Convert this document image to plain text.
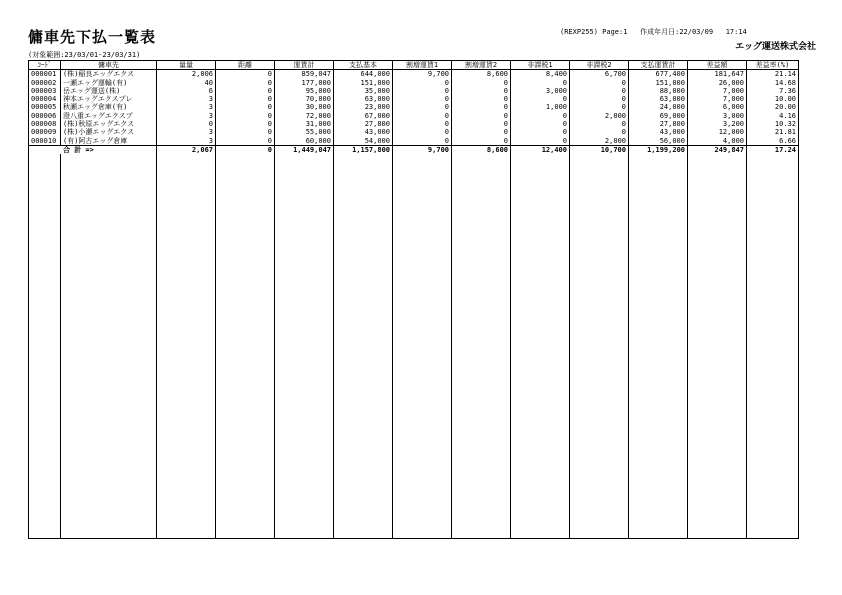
傭車先下払一覧表
(対象範囲:23/03/01-23/03/31)
(REXP255) Page:1 作成年月日:22/03/09 17:14
エッグ運送株式会社
ｺｰﾄﾞ	傭車先	量量	距離	運賃計	支払基本	割増運賃1	割増運賃2	非課税1	非課税2	支払運賃計	差益額	差益率(%)
000001	(株)稲良エッグエクス	2,006	0	859,047	644,000	9,700	8,600	8,400	6,700	677,400	181,647	21.14
000002	一瀬エッグ運輸(有)	40	0	177,000	151,000	0	0	0	0	151,000	26,000	14.68
000003	岳エッグ運送(株)	6	0	95,000	35,000	0	0	3,000	0	88,000	7,000	7.36
000004	神本エッグエクスプレ	3	0	70,000	63,000	0	0	0	0	63,000	7,000	10.00
000005	秋瀬エッグ倉庫(有)	3	0	30,000	23,000	0	0	1,000	0	24,000	6,000	20.00
000006	澄八重エッグエクスプ	3	0	72,000	67,000	0	0	0	2,000	69,000	3,000	4.16
000008	(株)秋原エッグエクス	0	0	31,000	27,800	0	0	0	0	27,800	3,200	10.32
000009	(株)小瀬エッグエクス	3	0	55,000	43,000	0	0	0	0	43,000	12,000	21.81
000010	(有)阿古エッグ倉庫	3	0	60,000	54,000	0	0	0	2,000	56,000	4,000	6.66
合 計 =>		2,067	0	1,449,047	1,157,800	9,700	8,600	12,400	10,700	1,199,200	249,847	17.24
